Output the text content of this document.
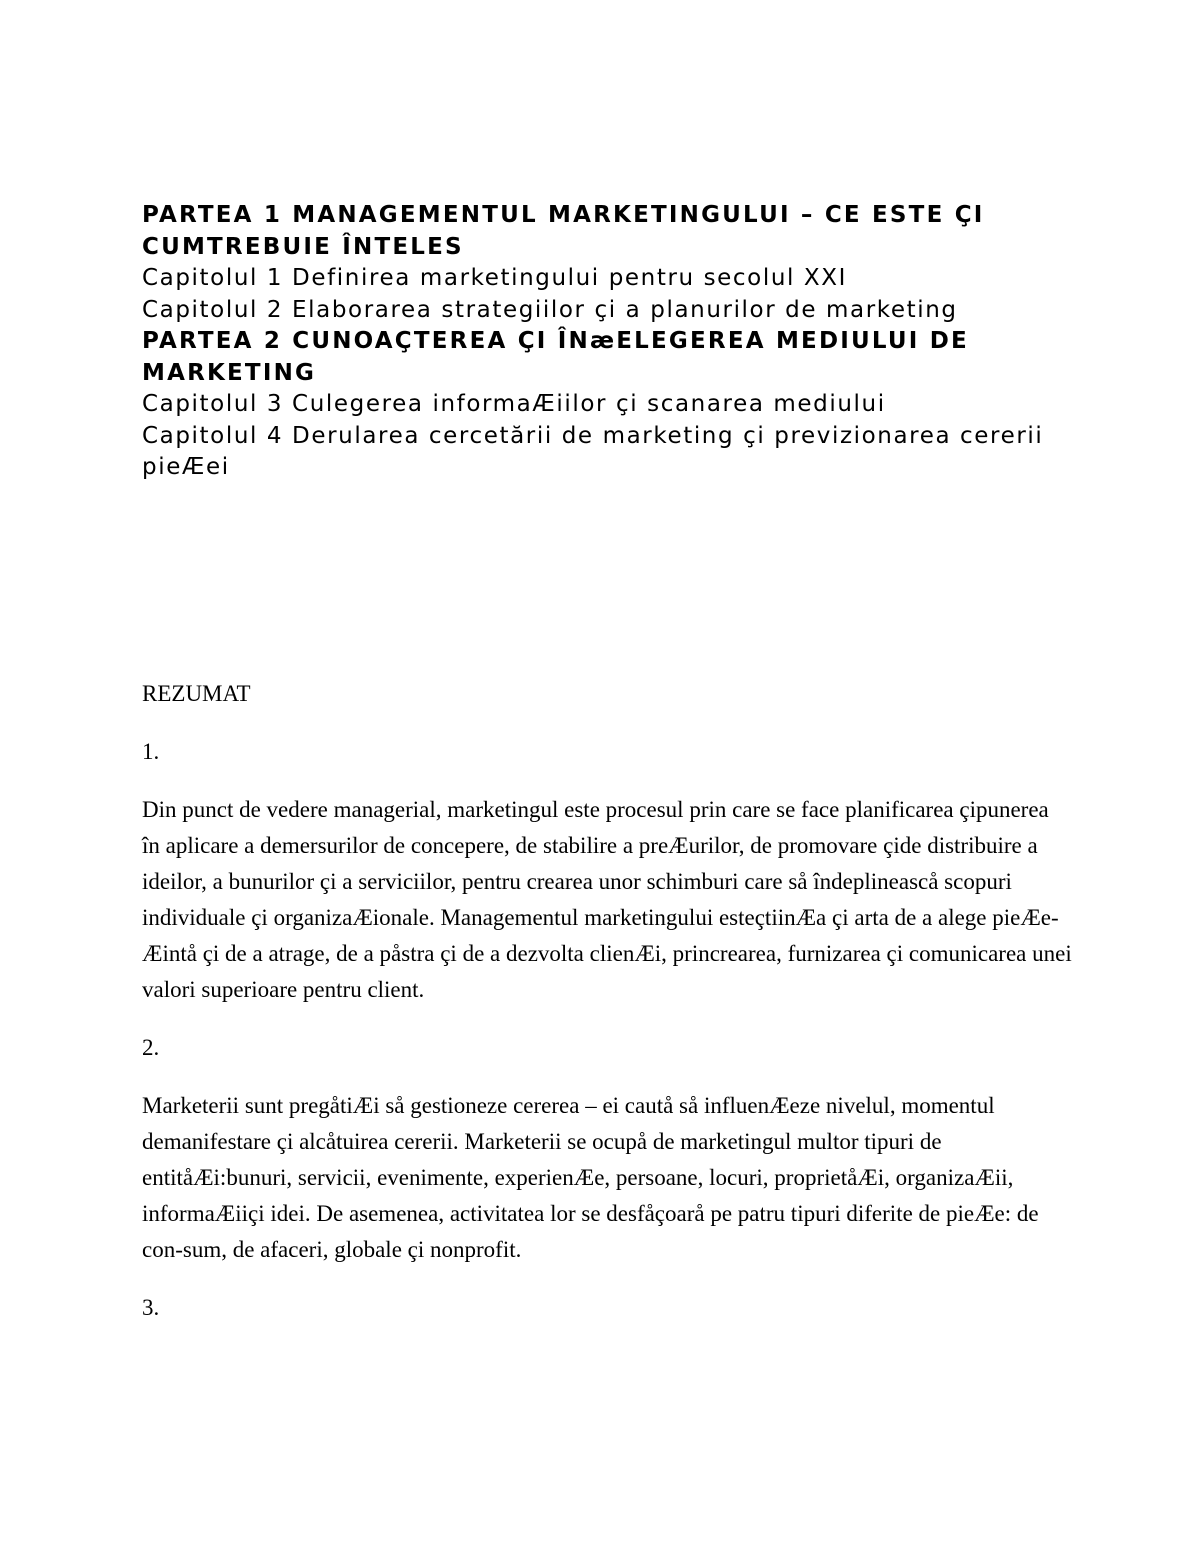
PARTEA 1 MANAGEMENTUL MARKETINGULUI – CE ESTE ÇI CUMTREBUIE ÎNTELES
Capitolul 1 Definirea marketingului pentru secolul XXI
Capitolul 2 Elaborarea strategiilor çi a planurilor de marketing
PARTEA 2 CUNOAÇTEREA ÇI ÎNæELEGEREA MEDIULUI DE MARKETING
Capitolul 3 Culegerea informaÆiilor çi scanarea mediului
Capitolul 4 Derularea cercetării de marketing çi previzionarea cererii pieÆei

REZUMAT

1.

Din punct de vedere managerial, marketingul este procesul prin care se face planificarea çipunerea în aplicare a demersurilor de concepere, de stabilire a preÆurilor, de promovare çide distribuire a ideilor, a bunurilor çi a serviciilor, pentru crearea unor schimburi care så îndeplineascå scopuri individuale çi organizaÆionale. Managementul marketingului esteçtiinÆa çi arta de a alege pieÆe-Æintå çi de a atrage, de a påstra çi de a dezvolta clienÆi, princrearea, furnizarea çi comunicarea unei valori superioare pentru client.

2.

Marketerii sunt pregåtiÆi så gestioneze cererea – ei cautå så influenÆeze nivelul, momentul demanifestare çi alcåtuirea cererii. Marketerii se ocupå de marketingul multor tipuri de entitåÆi:bunuri, servicii, evenimente, experienÆe, persoane, locuri, proprietåÆi, organizaÆii, informaÆiiçi idei. De asemenea, activitatea lor se desfåçoarå pe patru tipuri diferite de pieÆe: de con-sum, de afaceri, globale çi nonprofit.

3.
